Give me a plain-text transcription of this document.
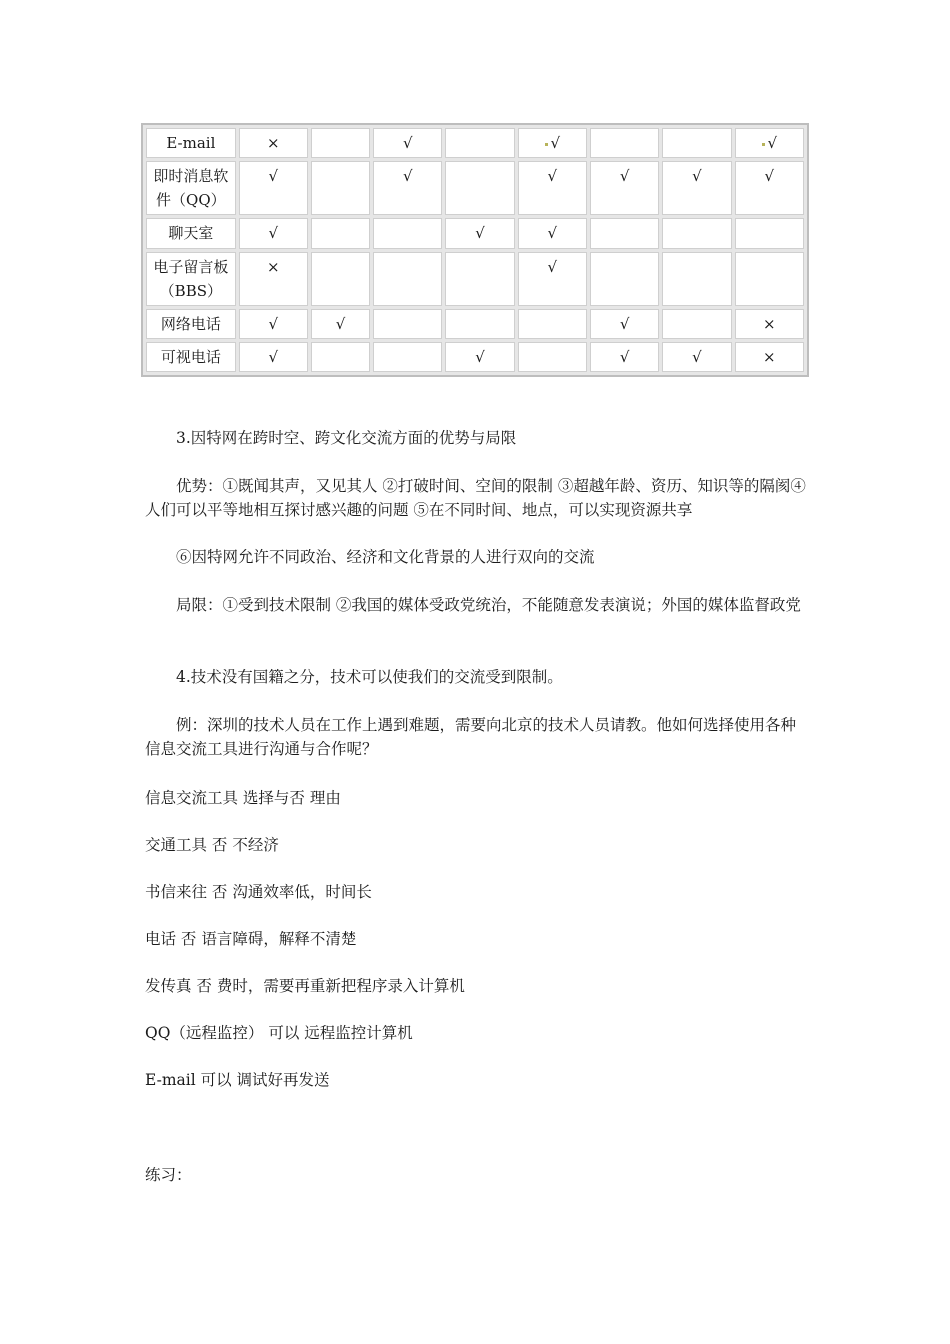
E-mail	×		√		√			√
即时消息软件（QQ）	√		√		√	√	√	√
聊天室	√			√	√			
电子留言板（BBS）	×				√			
网络电话	√	√				√		×
可视电话	√			√		√	√	×

3.因特网在跨时空、跨文化交流方面的优势与局限

优势：①既闻其声，又见其人 ②打破时间、空间的限制 ③超越年龄、资历、知识等的隔阂④人们可以平等地相互探讨感兴趣的问题 ⑤在不同时间、地点，可以实现资源共享

⑥因特网允许不同政治、经济和文化背景的人进行双向的交流

局限：①受到技术限制 ②我国的媒体受政党统治，不能随意发表演说；外国的媒体监督政党

4.技术没有国籍之分，技术可以使我们的交流受到限制。

例：深圳的技术人员在工作上遇到难题，需要向北京的技术人员请教。他如何选择使用各种信息交流工具进行沟通与合作呢？

信息交流工具 选择与否 理由

交通工具 否 不经济

书信来往 否 沟通效率低，时间长

电话 否 语言障碍，解释不清楚

发传真 否 费时，需要再重新把程序录入计算机

QQ（远程监控） 可以 远程监控计算机

E-mail 可以 调试好再发送

练习：
